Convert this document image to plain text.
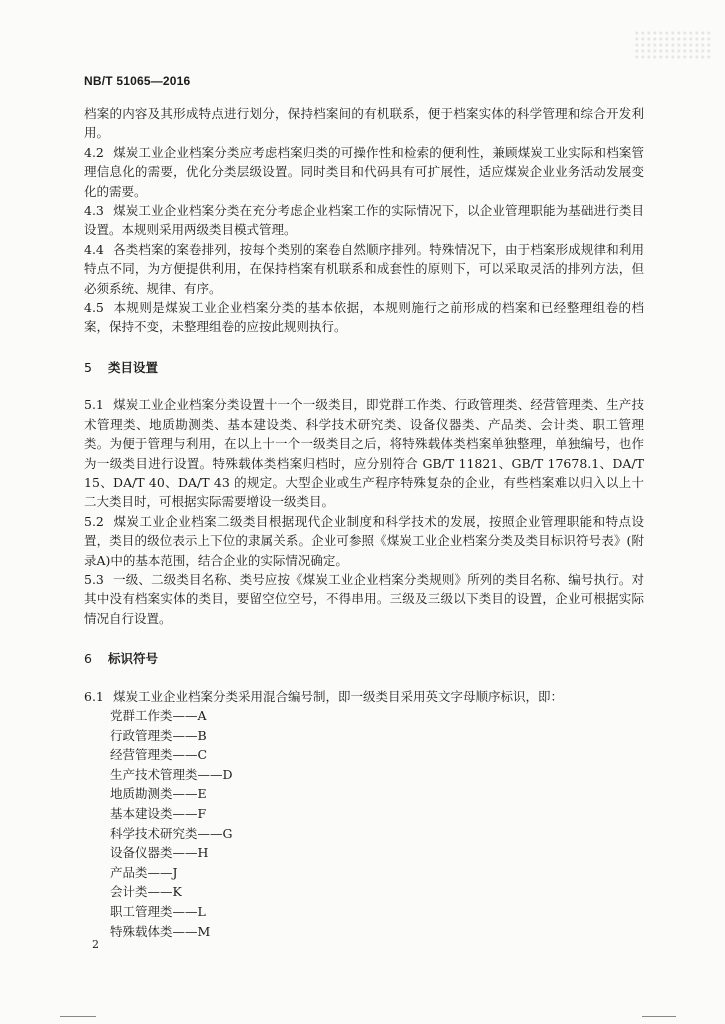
NB/T 51065—2016

档案的内容及其形成特点进行划分，保持档案间的有机联系，便于档案实体的科学管理和综合开发利用。

4.2 煤炭工业企业档案分类应考虑档案归类的可操作性和检索的便利性，兼顾煤炭工业实际和档案管理信息化的需要，优化分类层级设置。同时类目和代码具有可扩展性，适应煤炭企业业务活动发展变化的需要。

4.3 煤炭工业企业档案分类在充分考虑企业档案工作的实际情况下，以企业管理职能为基础进行类目设置。本规则采用两级类目模式管理。

4.4 各类档案的案卷排列，按每个类别的案卷自然顺序排列。特殊情况下，由于档案形成规律和利用特点不同，为方便提供利用，在保持档案有机联系和成套性的原则下，可以采取灵活的排列方法，但必须系统、规律、有序。

4.5 本规则是煤炭工业企业档案分类的基本依据，本规则施行之前形成的档案和已经整理组卷的档案，保持不变，未整理组卷的应按此规则执行。

5 类目设置

5.1 煤炭工业企业档案分类设置十一个一级类目，即党群工作类、行政管理类、经营管理类、生产技术管理类、地质勘测类、基本建设类、科学技术研究类、设备仪器类、产品类、会计类、职工管理类。为便于管理与利用，在以上十一个一级类目之后，将特殊载体类档案单独整理，单独编号，也作为一级类目进行设置。特殊载体类档案归档时，应分别符合 GB/T 11821、GB/T 17678.1、DA/T 15、DA/T 40、DA/T 43 的规定。大型企业或生产程序特殊复杂的企业，有些档案难以归入以上十二大类目时，可根据实际需要增设一级类目。

5.2 煤炭工业企业档案二级类目根据现代企业制度和科学技术的发展，按照企业管理职能和特点设置，类目的级位表示上下位的隶属关系。企业可参照《煤炭工业企业档案分类及类目标识符号表》(附录A)中的基本范围，结合企业的实际情况确定。

5.3 一级、二级类目名称、类号应按《煤炭工业企业档案分类规则》所列的类目名称、编号执行。对其中没有档案实体的类目，要留空位空号，不得串用。三级及三级以下类目的设置，企业可根据实际情况自行设置。

6 标识符号

6.1 煤炭工业企业档案分类采用混合编号制，即一级类目采用英文字母顺序标识，即：

党群工作类——A
行政管理类——B
经营管理类——C
生产技术管理类——D
地质勘测类——E
基本建设类——F
科学技术研究类——G
设备仪器类——H
产品类——J
会计类——K
职工管理类——L
特殊载体类——M
2
